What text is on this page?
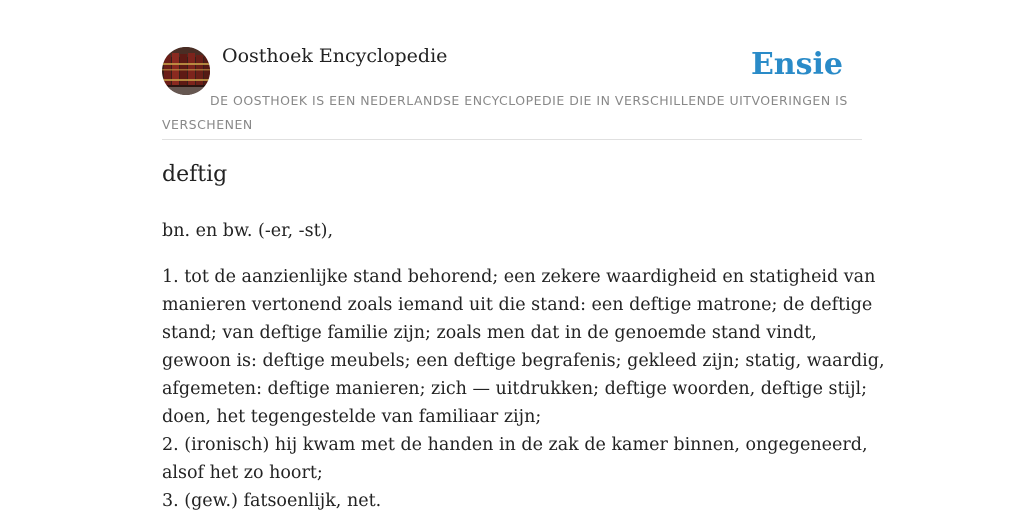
Oosthoek Encyclopedie	Ensie
DE OOSTHOEK IS EEN NEDERLANDSE ENCYCLOPEDIE DIE IN VERSCHILLENDE UITVOERINGEN IS VERSCHENEN
deftig
bn. en bw. (-er, -st),
1. tot de aanzienlijke stand behorend; een zekere waardigheid en statigheid van
manieren vertonend zoals iemand uit die stand: een deftige matrone; de deftige
stand; van deftige familie zijn; zoals men dat in de genoemde stand vindt,
gewoon is: deftige meubels; een deftige begrafenis; gekleed zijn; statig, waardig,
afgemeten: deftige manieren; zich — uitdrukken; deftige woorden, deftige stijl;
doen, het tegengestelde van familiaar zijn;
2. (ironisch) hij kwam met de handen in de zak de kamer binnen, ongegeneerd,
alsof het zo hoort;
3. (gew.) fatsoenlijk, net.
